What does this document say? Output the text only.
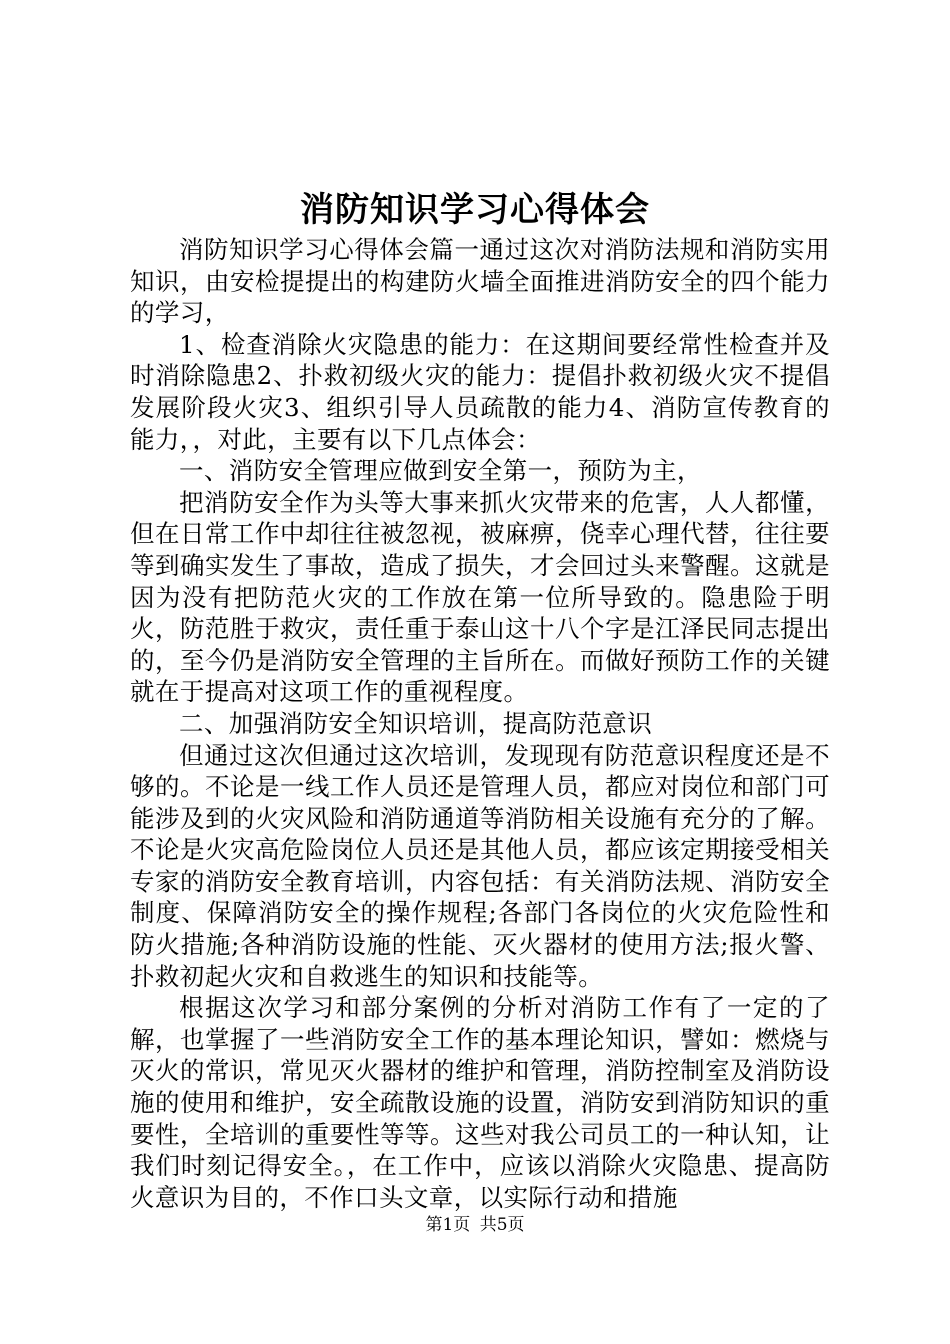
消防知识学习心得体会

消防知识学习心得体会篇一通过这次对消防法规和消防实用知识，由安检提提出的构建防火墙全面推进消防安全的四个能力的学习，

1、检查消除火灾隐患的能力：在这期间要经常性检查并及时消除隐患2、扑救初级火灾的能力：提倡扑救初级火灾不提倡发展阶段火灾3、组织引导人员疏散的能力4、消防宣传教育的能力，，对此，主要有以下几点体会：

一、消防安全管理应做到安全第一，预防为主，

把消防安全作为头等大事来抓火灾带来的危害，人人都懂，但在日常工作中却往往被忽视，被麻痹，侥幸心理代替，往往要等到确实发生了事故，造成了损失，才会回过头来警醒。这就是因为没有把防范火灾的工作放在第一位所导致的。隐患险于明火，防范胜于救灾，责任重于泰山这十八个字是江泽民同志提出的，至今仍是消防安全管理的主旨所在。而做好预防工作的关键就在于提高对这项工作的重视程度。

二、加强消防安全知识培训，提高防范意识

但通过这次但通过这次培训，发现现有防范意识程度还是不够的。不论是一线工作人员还是管理人员，都应对岗位和部门可能涉及到的火灾风险和消防通道等消防相关设施有充分的了解。不论是火灾高危险岗位人员还是其他人员，都应该定期接受相关专家的消防安全教育培训，内容包括：有关消防法规、消防安全制度、保障消防安全的操作规程;各部门各岗位的火灾危险性和防火措施;各种消防设施的性能、灭火器材的使用方法;报火警、扑救初起火灾和自救逃生的知识和技能等。

根据这次学习和部分案例的分析对消防工作有了一定的了解，也掌握了一些消防安全工作的基本理论知识，譬如：燃烧与灭火的常识，常见灭火器材的维护和管理，消防控制室及消防设施的使用和维护，安全疏散设施的设置，消防安到消防知识的重要性，全培训的重要性等等。这些对我公司员工的一种认知，让我们时刻记得安全。，在工作中，应该以消除火灾隐患、提高防火意识为目的，不作口头文章，以实际行动和措施

第1页 共5页
